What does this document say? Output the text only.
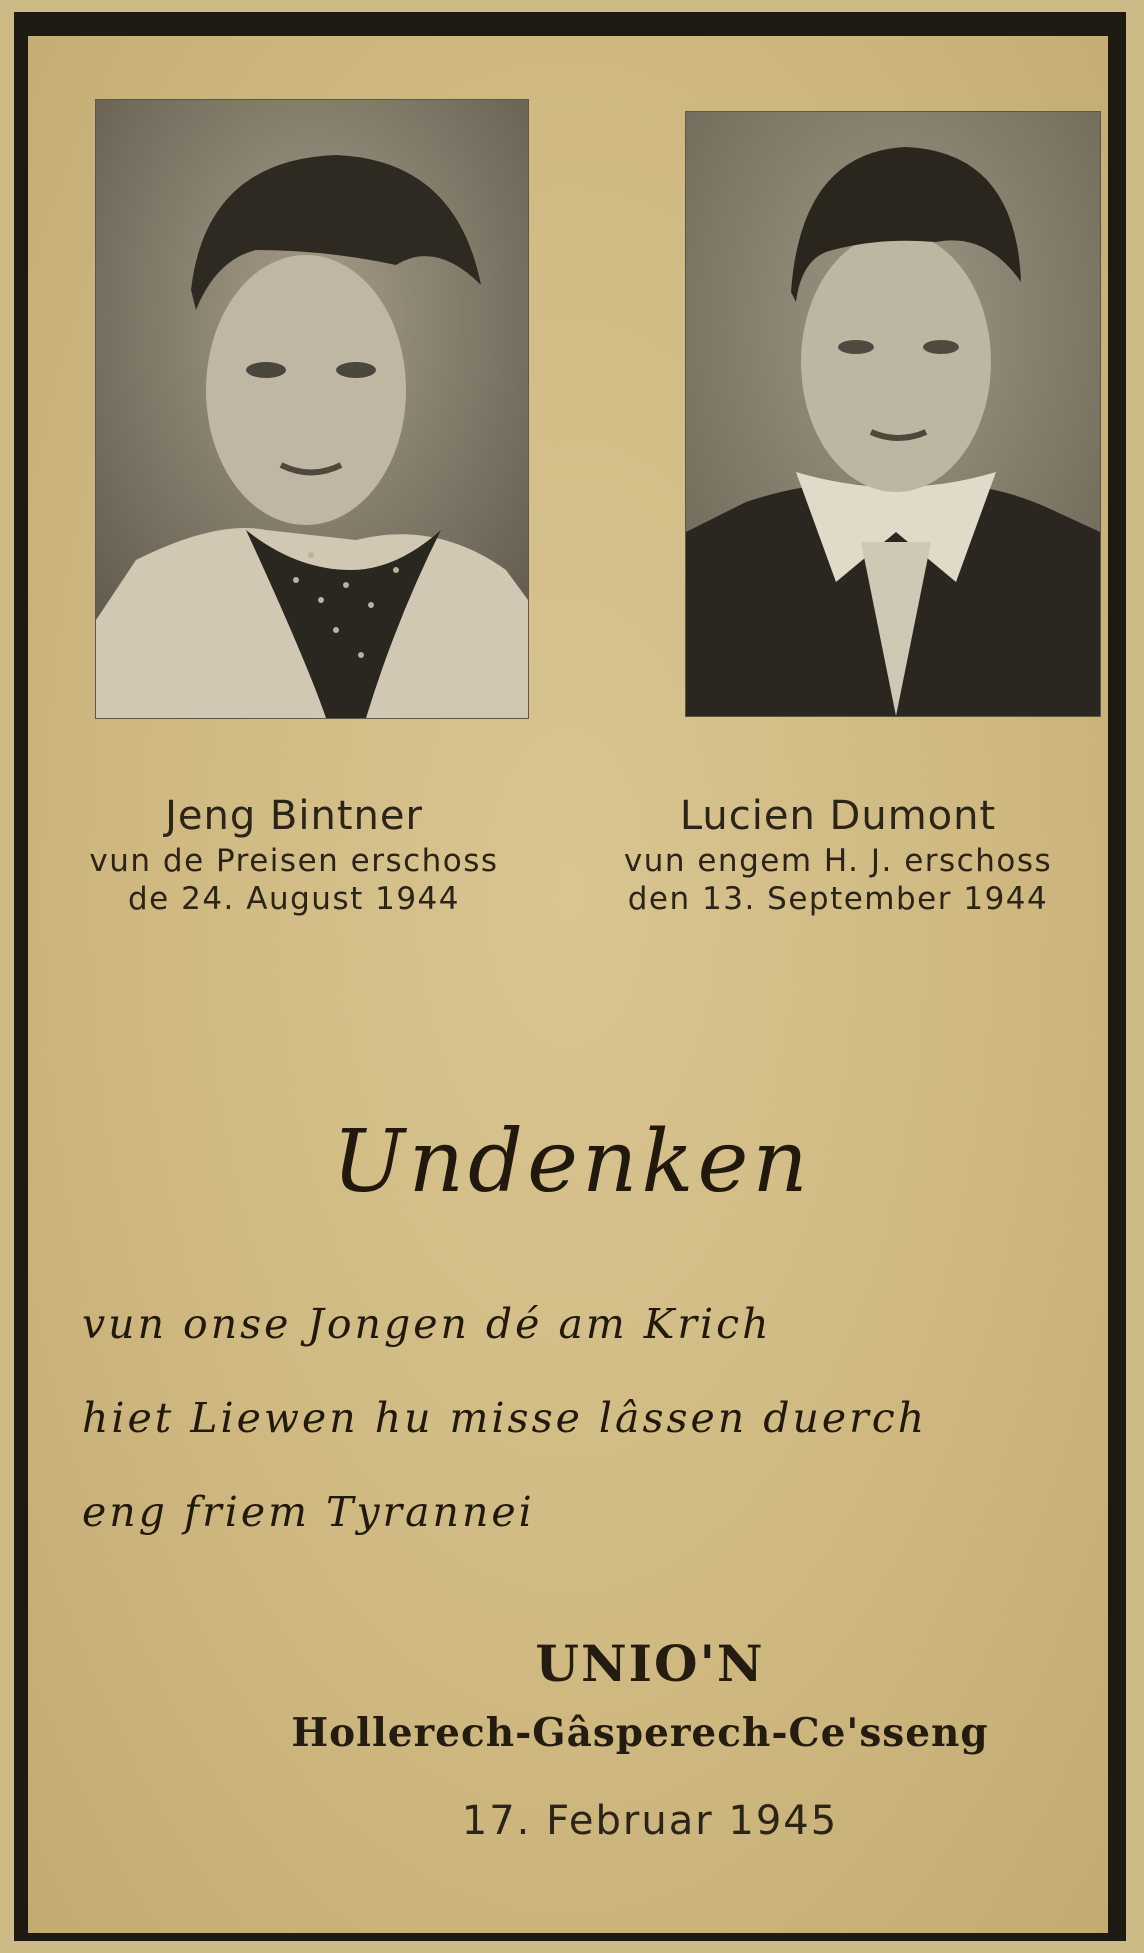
Jeng Bintner
vun de Preisen erschoss
de 24. August 1944
Lucien Dumont
vun engem H. J. erschoss
den 13. September 1944
Undenken
vun onse Jongen dé am Krich
hiet Liewen hu misse lâssen duerch
eng friem Tyrannei
UNIO'N
Hollerech-Gâsperech-Ce'sseng
17. Februar 1945
